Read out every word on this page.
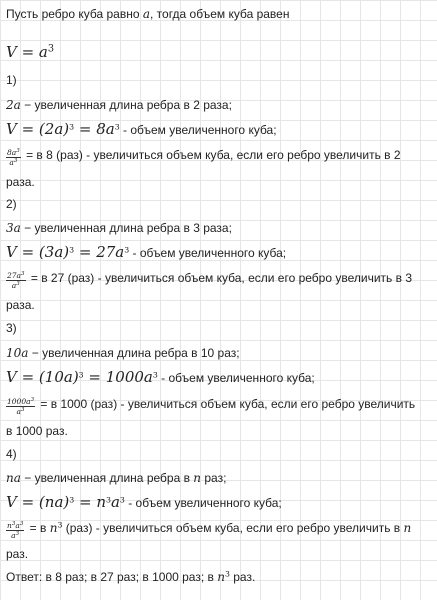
Пусть ребро куба равно a, тогда объем куба равен
$V = a^3$
1)
2a − увеличенная длина ребра в 2 раза;
$V = (2a)^3 = 8a^3$ - объем увеличенного куба;
$\frac{8a^3}{a^3} = в$ 8 (раз) - увеличиться объем куба, если его ребро увеличить в 2
раза.
2)
3a − увеличенная длина ребра в 3 раза;
$V = (3a)^3 = 27a^3$ - объем увеличенного куба;
$\frac{27a^3}{a^3} = в$ 27 (раз) - увеличиться объем куба, если его ребро увеличить в 3
раза.
3)
10a − увеличенная длина ребра в 10 раз;
$V = (10a)^3 = 1000a^3$ - объем увеличенного куба;
$\frac{1000a^3}{a^3} = в$ 1000 (раз) - увеличиться объем куба, если его ребро увеличить
в 1000 раз.
4)
na − увеличенная длина ребра в n раз;
$V = (na)^3 = n^3a^3$ - объем увеличенного куба;
$\frac{n^3a^3}{a^3} = в$ $n^3$ (раз) - увеличиться объем куба, если его ребро увеличить в n
раз.
Ответ: в 8 раз; в 27 раз; в 1000 раз; в $n^3$ раз.
